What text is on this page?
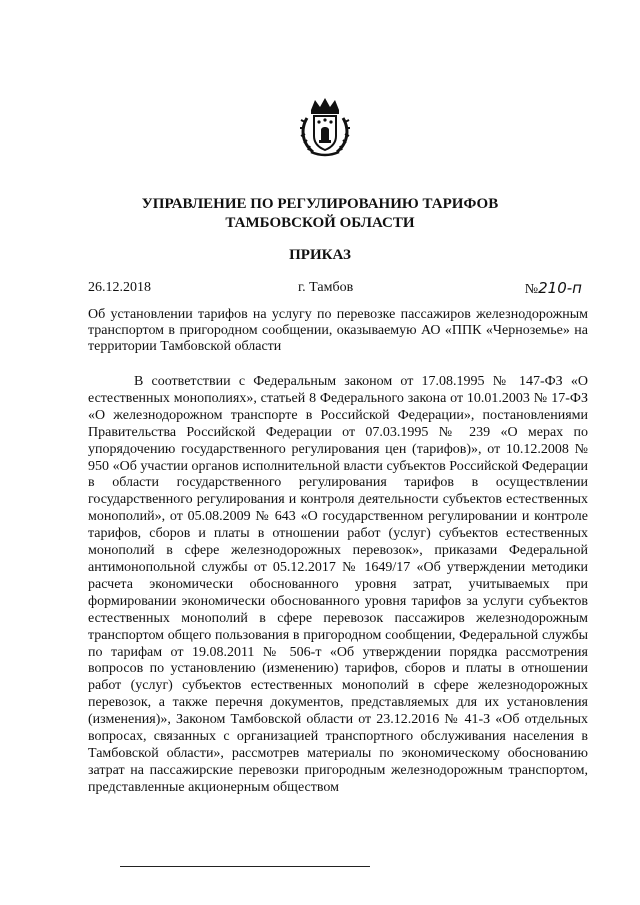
УПРАВЛЕНИЕ ПО РЕГУЛИРОВАНИЮ ТАРИФОВ
ТАМБОВСКОЙ ОБЛАСТИ
ПРИКАЗ
26.12.2018	г. Тамбов	№210-п
Об установлении тарифов на услугу по перевозке пассажиров железнодорожным транспортом в пригородном сообщении, оказываемую АО «ППК «Черноземье» на территории Тамбовской области

В соответствии с Федеральным законом от 17.08.1995 № 147-ФЗ «О естественных монополиях», статьей 8 Федерального закона от 10.01.2003 № 17-ФЗ «О железнодорожном транспорте в Российской Федерации», постановлениями Правительства Российской Федерации от 07.03.1995 № 239 «О мерах по упорядочению государственного регулирования цен (тарифов)», от 10.12.2008 № 950 «Об участии органов исполнительной власти субъектов Российской Федерации в области государственного регулирования тарифов в осуществлении государственного регулирования и контроля деятельности субъектов естественных монополий», от 05.08.2009 № 643 «О государственном регулировании и контроле тарифов, сборов и платы в отношении работ (услуг) субъектов естественных монополий в сфере железнодорожных перевозок», приказами Федеральной антимонопольной службы от 05.12.2017 № 1649/17 «Об утверждении методики расчета экономически обоснованного уровня затрат, учитываемых при формировании экономически обоснованного уровня тарифов за услуги субъектов естественных монополий в сфере перевозок пассажиров железнодорожным транспортом общего пользования в пригородном сообщении, Федеральной службы по тарифам от 19.08.2011 № 506-т «Об утверждении порядка рассмотрения вопросов по установлению (изменению) тарифов, сборов и платы в отношении работ (услуг) субъектов естественных монополий в сфере железнодорожных перевозок, а также перечня документов, представляемых для их установления (изменения)», Законом Тамбовской области от 23.12.2016 № 41-З «Об отдельных вопросах, связанных с организацией транспортного обслуживания населения в Тамбовской области», рассмотрев материалы по экономическому обоснованию затрат на пассажирские перевозки пригородным железнодорожным транспортом, представленные акционерным обществом
